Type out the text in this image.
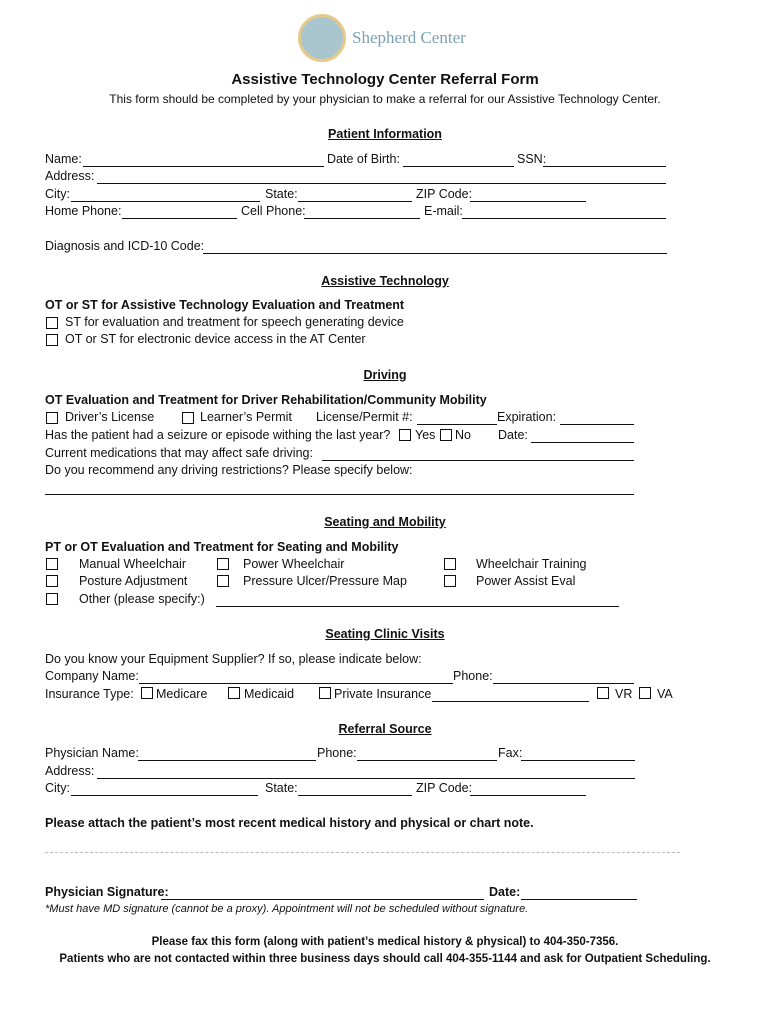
Shepherd Center
Assistive Technology Center Referral Form
This form should be completed by your physician to make a referral for our Assistive Technology Center.
Patient Information
Name:	Date of Birth:	SSN:
Address:
City:	State:	ZIP Code:
Home Phone:	Cell Phone:	E-mail:
Diagnosis and ICD-10 Code:
Assistive Technology
OT or ST for Assistive Technology Evaluation and Treatment
ST for evaluation and treatment for speech generating device
OT or ST for electronic device access in the AT Center
Driving
OT Evaluation and Treatment for Driver Rehabilitation/Community Mobility
Driver’s License	Learner’s Permit License/Permit #:	Expiration:
Has the patient had a seizure or episode withing the last year? Yes No Date:
Current medications that may affect safe driving:
Do you recommend any driving restrictions? Please specify below:
Seating and Mobility
PT or OT Evaluation and Treatment for Seating and Mobility
Manual Wheelchair	Power Wheelchair	Wheelchair Training
Posture Adjustment	Pressure Ulcer/Pressure Map	Power Assist Eval
Other (please specify:)
Seating Clinic Visits
Do you know your Equipment Supplier? If so, please indicate below:
Company Name:	Phone:
Insurance Type: Medicare	Medicaid	Private Insurance	VR VA
Referral Source
Physician Name:	Phone:	Fax:
Address:
City:	State:	ZIP Code:
Please attach the patient’s most recent medical history and physical or chart note.
Physician Signature:	Date:
*Must have MD signature (cannot be a proxy). Appointment will not be scheduled without signature.
Please fax this form (along with patient’s medical history & physical) to 404-350-7356.
Patients who are not contacted within three business days should call 404-355-1144 and ask for Outpatient Scheduling.
